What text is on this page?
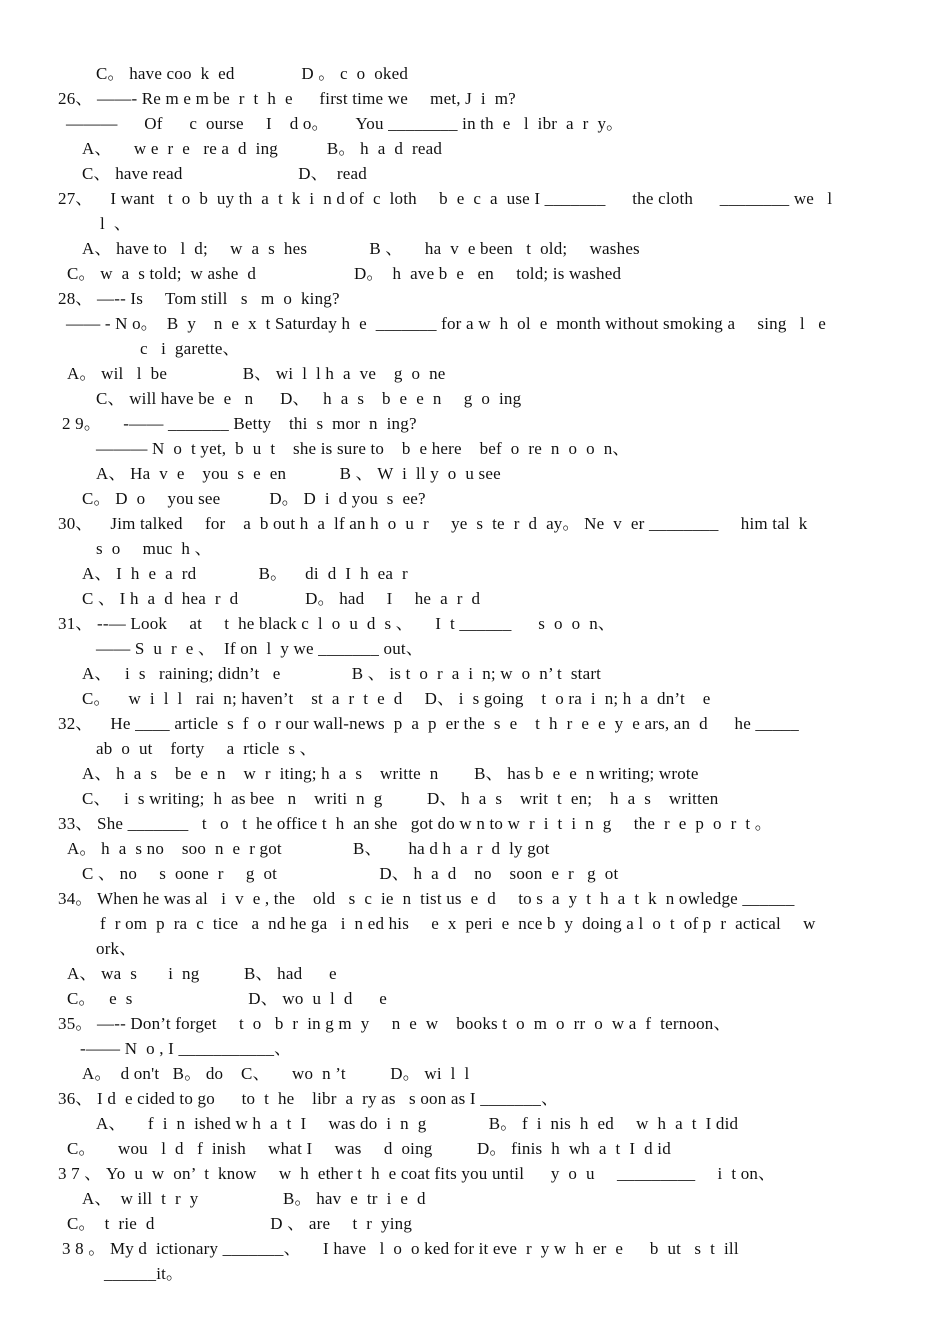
C。 have coo  k  ed               D 。 c  o  oked
26、 ——- Re m e m be  r  t  h  e      first time we     met, J  i  m?
———      Of      c  ourse     I    d o。      You ________ in th  e   l  ibr  a  r  y。
A、     w e  r  e   re a  d  ing           B。 h  a  d  read
C、 have read                          D、  read
27、    I want   t  o  b  uy th  a  t  k  i  n d of  c  loth     b  e  c  a  use I _______      the cloth      ________ we   l
l  、
A、 have to   l  d;     w  a  s  hes              B 、     ha  v  e been   t  old;     washes
C。 w  a  s told;  w ashe  d                      D。  h  ave b  e   en     told; is washed
28、 —-- Is     Tom still   s   m  o  king?
—— - N o。  B  y    n  e  x  t Saturday h  e  _______ for a w  h  ol  e  month without smoking a     sing   l   e
c   i  garette、
A。 wil   l  be                 B、 wi  l  l h  a  ve    g  o  ne
C、 will have be  e   n      D、   h  a  s    b  e  e  n     g  o  ing
2 9。     -—— _______ Betty    thi  s  mor  n  ing?
——— N  o  t yet,  b  u  t    she is sure to    b  e here    bef  o  re  n  o  o  n、
A、 Ha  v  e    you  s  e  en            B 、 W  i  ll y  o  u see
C。 D  o     you see           D。 D  i  d you  s  ee?
30、    Jim talked     for    a  b out h  a  lf an h  o  u  r     ye  s  te  r  d  ay。 Ne  v  er ________     him tal  k
s  o     muc  h 、
A、 I  h  e  a  rd              B。    di  d  I  h  ea  r
C 、 I h  a  d  hea  r  d               D。 had     I     he  a  r  d
31、 --— Look     at     t  he black c  l  o  u  d  s 、     I  t ______      s  o  o  n、
—— S  u  r  e 、  If on  l  y we _______ out、
A、   i  s   raining; didn’t   e                B 、 is t  o  r  a  i  n; w  o  n’ t  start
C。    w  i  l  l   rai  n; haven’t    st  a  r  t  e  d     D、 i  s going    t  o ra  i  n; h  a  dn’t    e
32、    He ____ article  s  f  o  r our wall-news  p  a  p  er the  s  e    t  h  r  e  e  y  e ars, an  d      he _____
ab  o  ut    forty     a  rticle  s 、
A、 h  a  s    be  e  n    w  r  iting; h  a  s    writte  n        B、 has b  e  e  n writing; wrote
C、   i  s writing;  h  as bee   n    writi  n  g          D、 h  a  s    writ  t  en;    h  a  s    written
33、 She _______   t   o   t  he office t  h  an she   got do w n to w  r  i  t  i  n  g     the  r  e  p  o  r  t 。
A。 h  a  s no    soo  n  e  r got                B、      ha d h  a  r  d  ly got
C 、 no     s  oone  r     g  ot                       D、 h  a  d    no    soon  e  r   g  ot
34。 When he was al   i  v  e , the    old   s  c  ie  n  tist us  e  d     to s  a  y  t  h  a  t  k  n owledge ______
f  r om  p  ra  c  tice   a  nd he ga   i  n ed his     e  x  peri  e  nce b  y  doing a l  o  t  of p  r  actical     w
ork、
A、 wa  s       i  ng          B、 had      e
C。   e  s                          D、 wo  u  l  d      e
35。 —-- Don’t forget     t  o   b  r  in g m  y     n  e  w    books t  o  m  o  rr  o  w a  f  ternoon、
-—— N  o , I ___________、
A。  d on't   B。 do    C、     wo  n ’t          D。 wi  l  l
36、 I d  e cided to go      to  t  he    libr  a  ry as   s oon as I _______、
A、     f  i  n  ished w h  a  t  I     was do  i  n  g              B。 f  i  nis  h  ed     w  h  a  t  I did
C。     wou   l  d   f  inish     what I     was     d  oing          D。 finis  h  wh  a  t  I  d id
3 7 、 Yo  u  w  on’  t  know     w  h  ether t  h  e coat fits you until      y  o  u     _________     i  t on、
A、  w ill  t  r  y                   B。 hav  e  tr  i  e  d
C。  t  rie  d                          D 、 are     t  r  ying
3 8 。 My d  ictionary _______、     I have   l  o  o ked for it eve  r  y w  h  er  e      b  ut   s  t  ill
______it。
